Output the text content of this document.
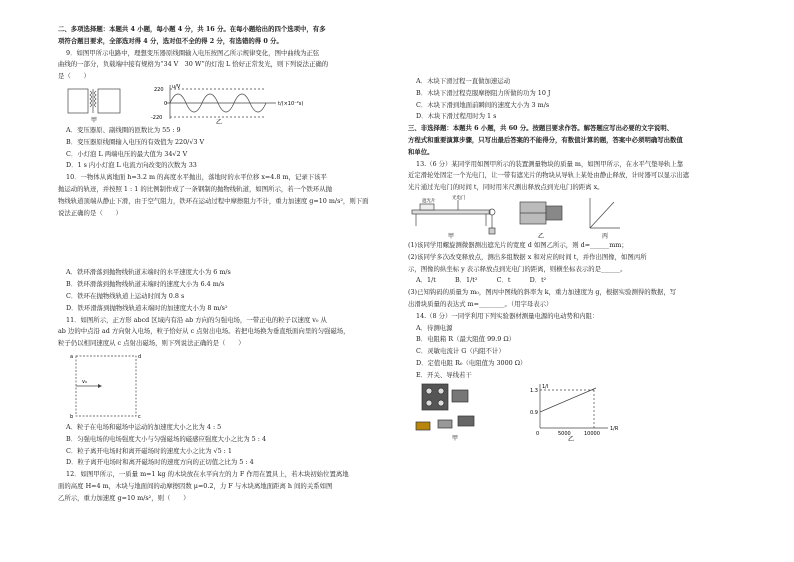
二、多项选择题：本题共 4 小题，每小题 4 分，共 16 分。在每小题给出的四个选项中，有多

项符合题目要求，全部选对得 4 分，选对但不全的得 2 分，有选错的得 0 分。

9．如图甲所示电路中，理想变压器原线圈输入电压按图乙所示规律变化，图中曲线为正弦

曲线的一部分，负载端中接有规格为“34 V　30 W”的灯泡 L 恰好正常发光，则下列说法正确的

是（　　）

甲
220
-220
0
u/V
t/(×10⁻²s)
乙

A．变压器原、副线圈的匝数比为 55 : 9

B．变压器原线圈输入电压的有效值为 220/√3 V

C．小灯泡 L 两端电压的最大值为 34√2 V

D．1 s 内小灯泡 L 电流方向改变的次数为 33

10．一物体从离地面 h=3.2 m 的高度水平抛出，落地时的水平位移 x=4.8 m，记录下该平

抛运动的轨迹，并按照 1 : 1 的比例制作成了一条钢制的抛物线轨道，如图所示，若一个铁环从抛

物线轨道顶端从静止下滑，由于空气阻力，铁环在运动过程中摩擦阻力不计，重力加速度 g=10 m/s²，则下面

说法正确的是（　　）

A．铁环滑落到抛物线轨道末端时的水平速度大小为 6 m/s

B．铁环滑落到抛物线轨道末端时的速度大小为 6.4 m/s

C．铁环在抛物线轨道上运动时间为 0.8 s

D．铁环滑落到抛物线轨道末端时的加速度大小为 8 m/s²

11．如图所示，正方形 abcd 区域内有沿 ab 方向的匀强电场，一带正电的粒子以速度 v₀ 从

ab 边的中点沿 ad 方向射入电场，粒子恰好从 c 点射出电场。若把电场换为垂直纸面向里的匀强磁场，

粒子仍以相同速度从 c 点射出磁场，则下列说法正确的是（　　）

a
b	c
d
v₀

A．粒子在电场和磁场中运动的加速度大小之比为 4 : 5

B．匀强电场的电场强度大小与匀强磁场的磁感应强度大小之比为 5 : 4

C．粒子离开电场时和离开磁场时的速度大小之比为 √5 : 1

D．粒子离开电场时和离开磁场时的速度方向的正切值之比为 5 : 4

12．如图甲所示，一质量 m=1 kg 的木块放在水平向左的力 F 作用在置具上，若木块初始位置离地

面的高度 H=4 m，木块与地面间的动摩擦因数 μ=0.2，力 F 与木块离地面距离 h 间的关系如图

乙所示，重力加速度 g=10 m/s²，则（　　）

A．木块下滑过程一直做加速运动

B．木块下滑过程克服摩擦阻力所做的功为 10 J

C．木块下滑到地面前瞬间的速度大小为 3 m/s

D．木块下滑过程用时为 1 s

三、非选择题：本题共 6 小题，共 60 分。按题目要求作答。解答题应写出必要的文字说明、

方程式和重要演算步骤，只写出最后答案的不能得分，有数值计算的题，答案中必须明确写出数值

和单位。

13.（6 分）某同学用如图甲所示的装置测量物块的质量 m，如图甲所示，在水平气垫导轨上靠

近定滑轮处固定一个光电门，让一带有遮光片的物块从导轨上某处由静止释放，计时器可以显示出遮

光片通过光电门的时间 t，同时用米尺测出释放点到光电门的距离 x。

遮光片
光电门
甲	乙	丙

(1)该同学用螺旋测微器测出遮光片的宽度 d 如图乙所示，则 d=______mm；

(2)该同学多次改变释放点，测出多组数据 x 和对应的时间 t，并作出图像，如图丙所

示，图像的纵坐标 y 表示释放点到光电门的距离，则横坐标表示的是______。

A．1/t　　　B．1/t²　　　C．t　　　D．t²

(3)已知钩码的质量为 m₀，图丙中图线的斜率为 k，重力加速度为 g，根据实验测得的数据，写

出滑块质量的表达式 m=________。（用字母表示）

14.（8 分）一同学利用下列实验器材测量电源的电动势和内阻：

A．待测电源

B．电阻箱 R（最大阻值 99.9 Ω）

C．灵敏电流计 G（内阻不计）

D．定值电阻 R₀（电阻值为 3000 Ω）

E．开关、导线若干

甲
1/I
1/R
1.3
0.9
0	5000	10000
乙
